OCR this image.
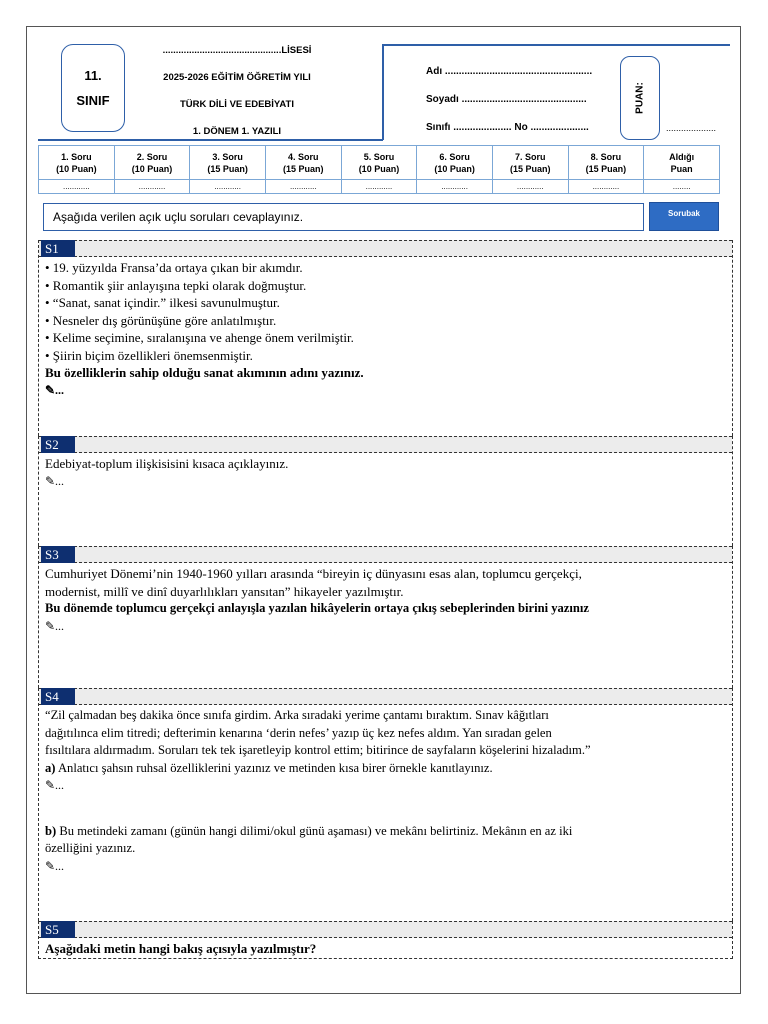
11.
SINIF
.............................................LİSESİ
2025-2026 EĞİTİM ÖĞRETİM YILI
TÜRK DİLİ VE EDEBİYATI
1. DÖNEM 1. YAZILI
Adı .....................................................
Soyadı .............................................
Sınıfı ..................... No .....................
PUAN:
....................
1. Soru
(10 Puan)	2. Soru
(10 Puan)	3. Soru
(15 Puan)	4. Soru
(15 Puan)	5. Soru
(10 Puan)	6. Soru
(10 Puan)	7. Soru
(15 Puan)	8. Soru
(15 Puan)	Aldığı
Puan
............	............	............	............	............	............	............	............	........
Aşağıda verilen açık uçlu soruları cevaplayınız.	Sorubak
S1
• 19. yüzyılda Fransa’da ortaya çıkan bir akımdır.
• Romantik şiir anlayışına tepki olarak doğmuştur.
• “Sanat, sanat içindir.” ilkesi savunulmuştur.
• Nesneler dış görünüşüne göre anlatılmıştır.
• Kelime seçimine, sıralanışına ve ahenge önem verilmiştir.
• Şiirin biçim özellikleri önemsenmiştir.
Bu özelliklerin sahip olduğu sanat akımının adını yazınız.
✎...
S2
Edebiyat-toplum ilişkisisini kısaca açıklayınız.
✎...
S3
Cumhuriyet Dönemi’nin 1940-1960 yılları arasında “bireyin iç dünyasını esas alan, toplumcu gerçekçi,
modernist, millî ve dinî duyarlılıkları yansıtan” hikayeler yazılmıştır.
Bu dönemde toplumcu gerçekçi anlayışla yazılan hikâyelerin ortaya çıkış sebeplerinden birini yazınız
✎...
S4
“Zil çalmadan beş dakika önce sınıfa girdim. Arka sıradaki yerime çantamı bıraktım. Sınav kâğıtları
dağıtılınca elim titredi; defterimin kenarına ‘derin nefes’ yazıp üç kez nefes aldım. Yan sıradan gelen
fısıltılara aldırmadım. Soruları tek tek işaretleyip kontrol ettim; bitirince de sayfaların köşelerini hizaladım.”
a) Anlatıcı şahsın ruhsal özelliklerini yazınız ve metinden kısa birer örnekle kanıtlayınız.
✎...
b) Bu metindeki zamanı (günün hangi dilimi/okul günü aşaması) ve mekânı belirtiniz. Mekânın en az iki
özelliğini yazınız.
✎...
S5
Aşağıdaki metin hangi bakış açısıyla yazılmıştır?
